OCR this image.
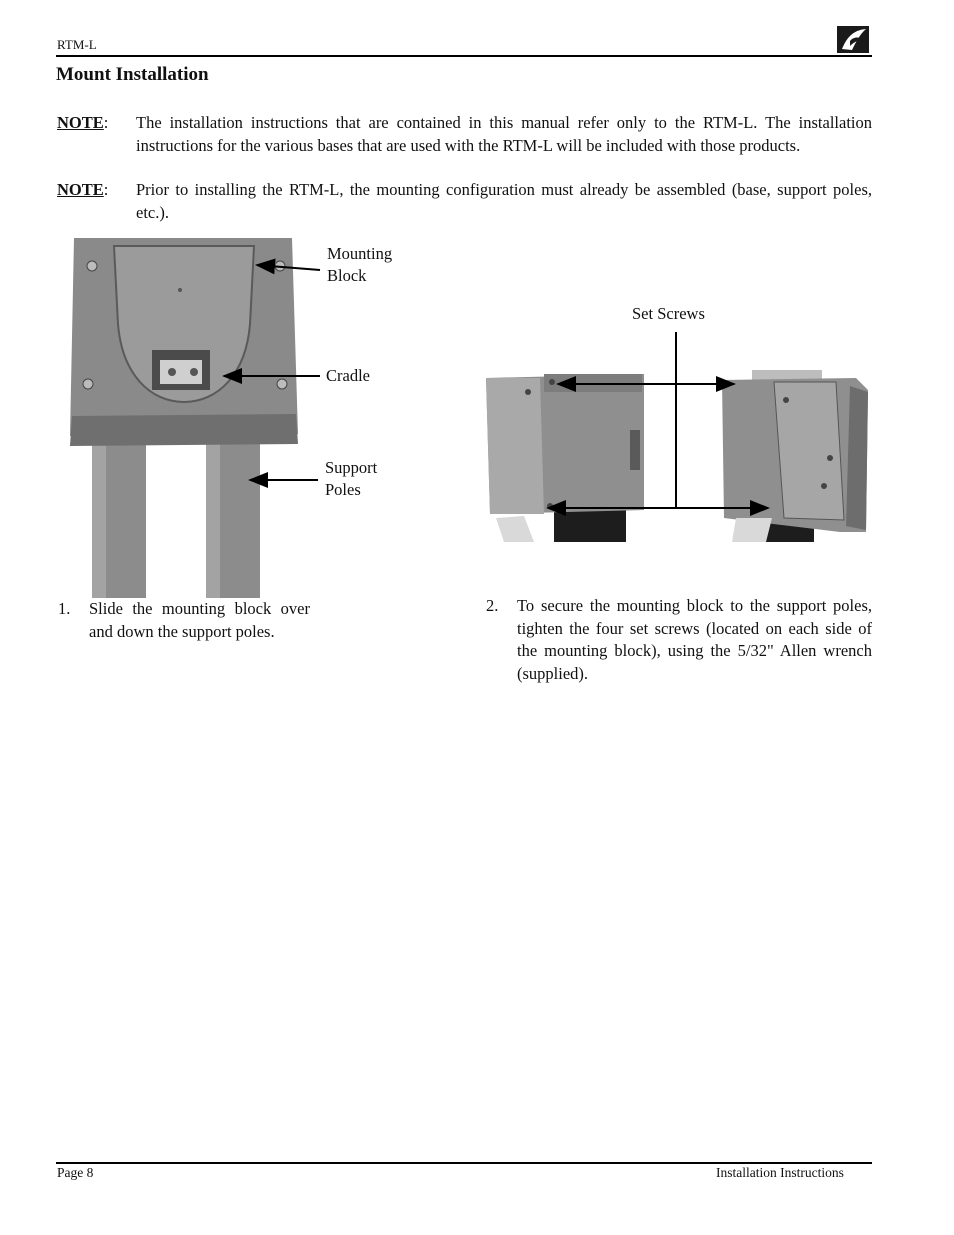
RTM-L
Mount Installation
NOTE: The installation instructions that are contained in this manual refer only to the RTM-L. The installation instructions for the various bases that are used with the RTM-L will be included with those products.
NOTE: Prior to installing the RTM-L, the mounting configuration must already be assembled (base, support poles, etc.).
Mounting
Block
Cradle
Support
Poles
Set Screws
1. Slide the mounting block over and down the support poles.
2. To secure the mounting block to the support poles, tighten the four set screws (located on each side of the mounting block), using the 5/32" Allen wrench (supplied).
Page 8	Installation Instructions
